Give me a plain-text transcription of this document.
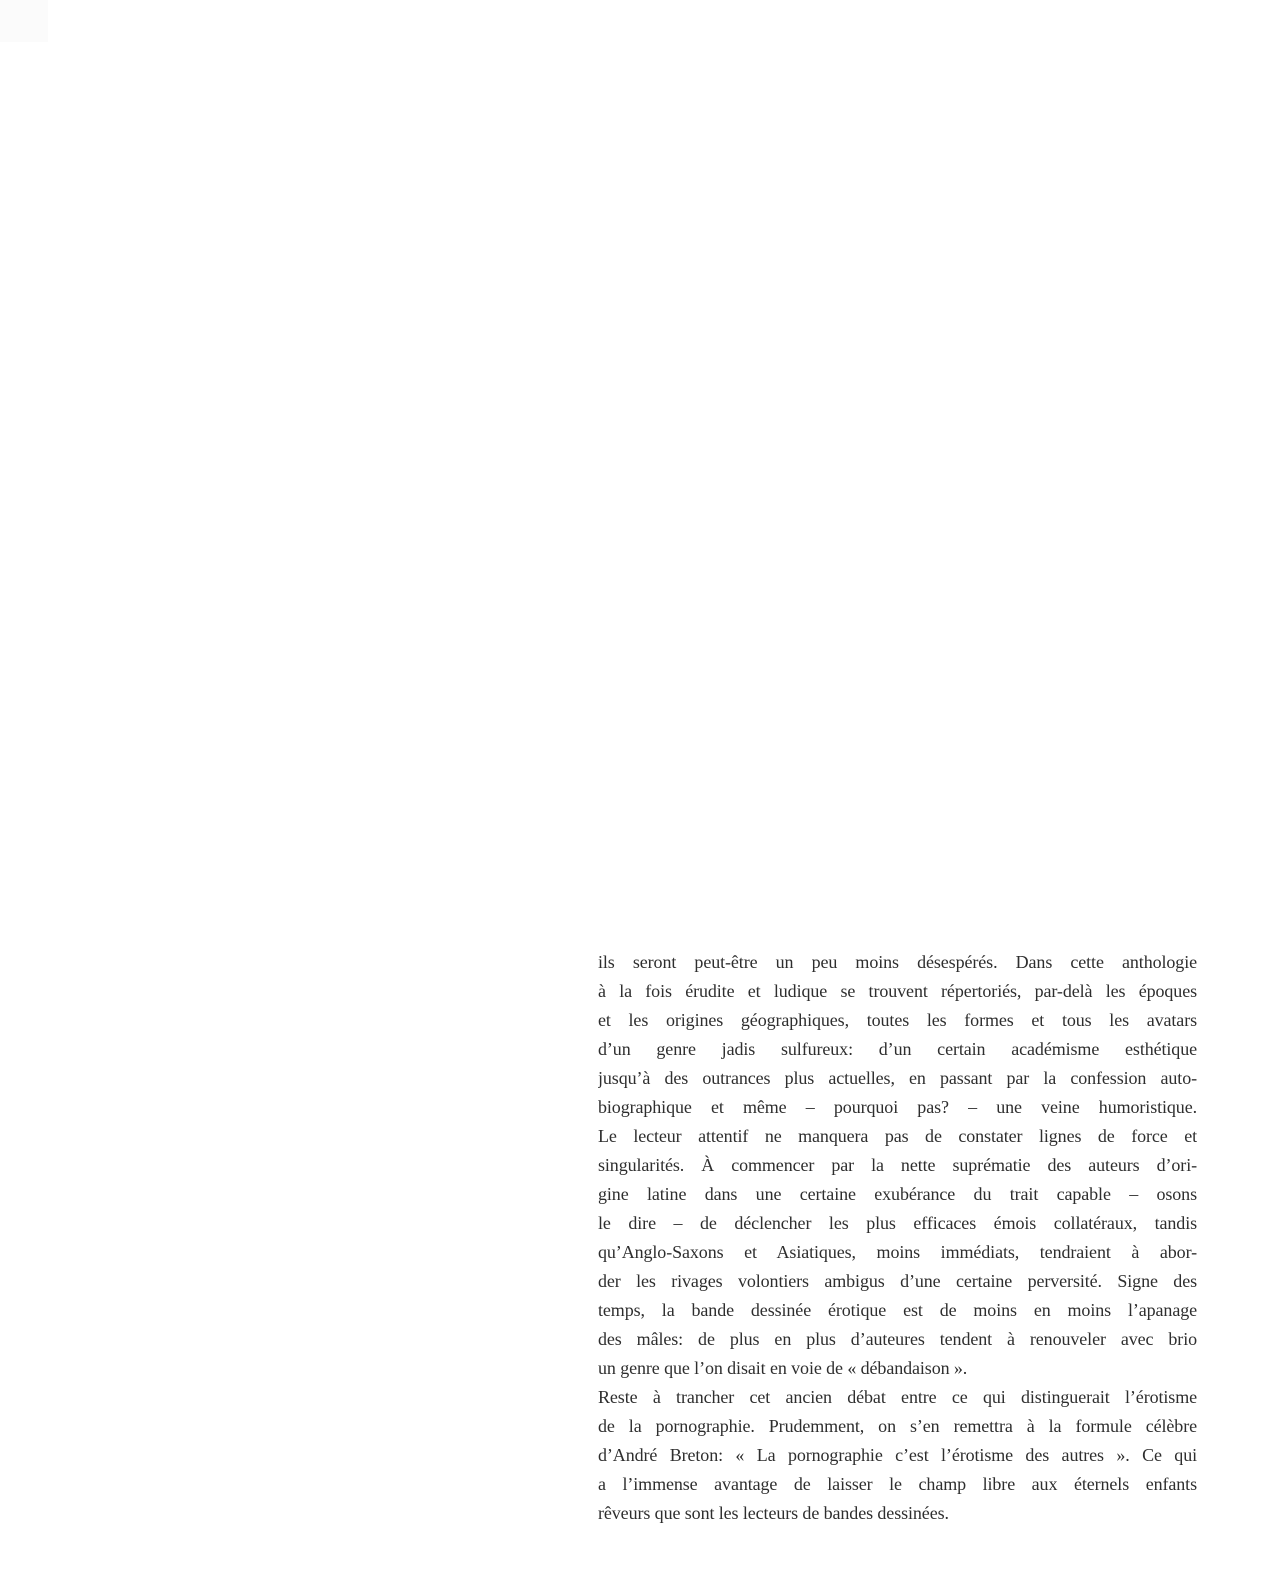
ils seront peut-être un peu moins désespérés. Dans cette anthologie
à la fois érudite et ludique se trouvent répertoriés, par-delà les époques
et les origines géographiques, toutes les formes et tous les avatars
d’un genre jadis sulfureux: d’un certain académisme esthétique
jusqu’à des outrances plus actuelles, en passant par la confession auto-
biographique et même – pourquoi pas? – une veine humoristique.
Le lecteur attentif ne manquera pas de constater lignes de force et
singularités. À commencer par la nette suprématie des auteurs d’ori-
gine latine dans une certaine exubérance du trait capable – osons
le dire – de déclencher les plus efficaces émois collatéraux, tandis
qu’Anglo-Saxons et Asiatiques, moins immédiats, tendraient à abor-
der les rivages volontiers ambigus d’une certaine perversité. Signe des
temps, la bande dessinée érotique est de moins en moins l’apanage
des mâles: de plus en plus d’auteures tendent à renouveler avec brio
un genre que l’on disait en voie de « débandaison ».
Reste à trancher cet ancien débat entre ce qui distinguerait l’érotisme
de la pornographie. Prudemment, on s’en remettra à la formule célèbre
d’André Breton: « La pornographie c’est l’érotisme des autres ». Ce qui
a l’immense avantage de laisser le champ libre aux éternels enfants
rêveurs que sont les lecteurs de bandes dessinées.
